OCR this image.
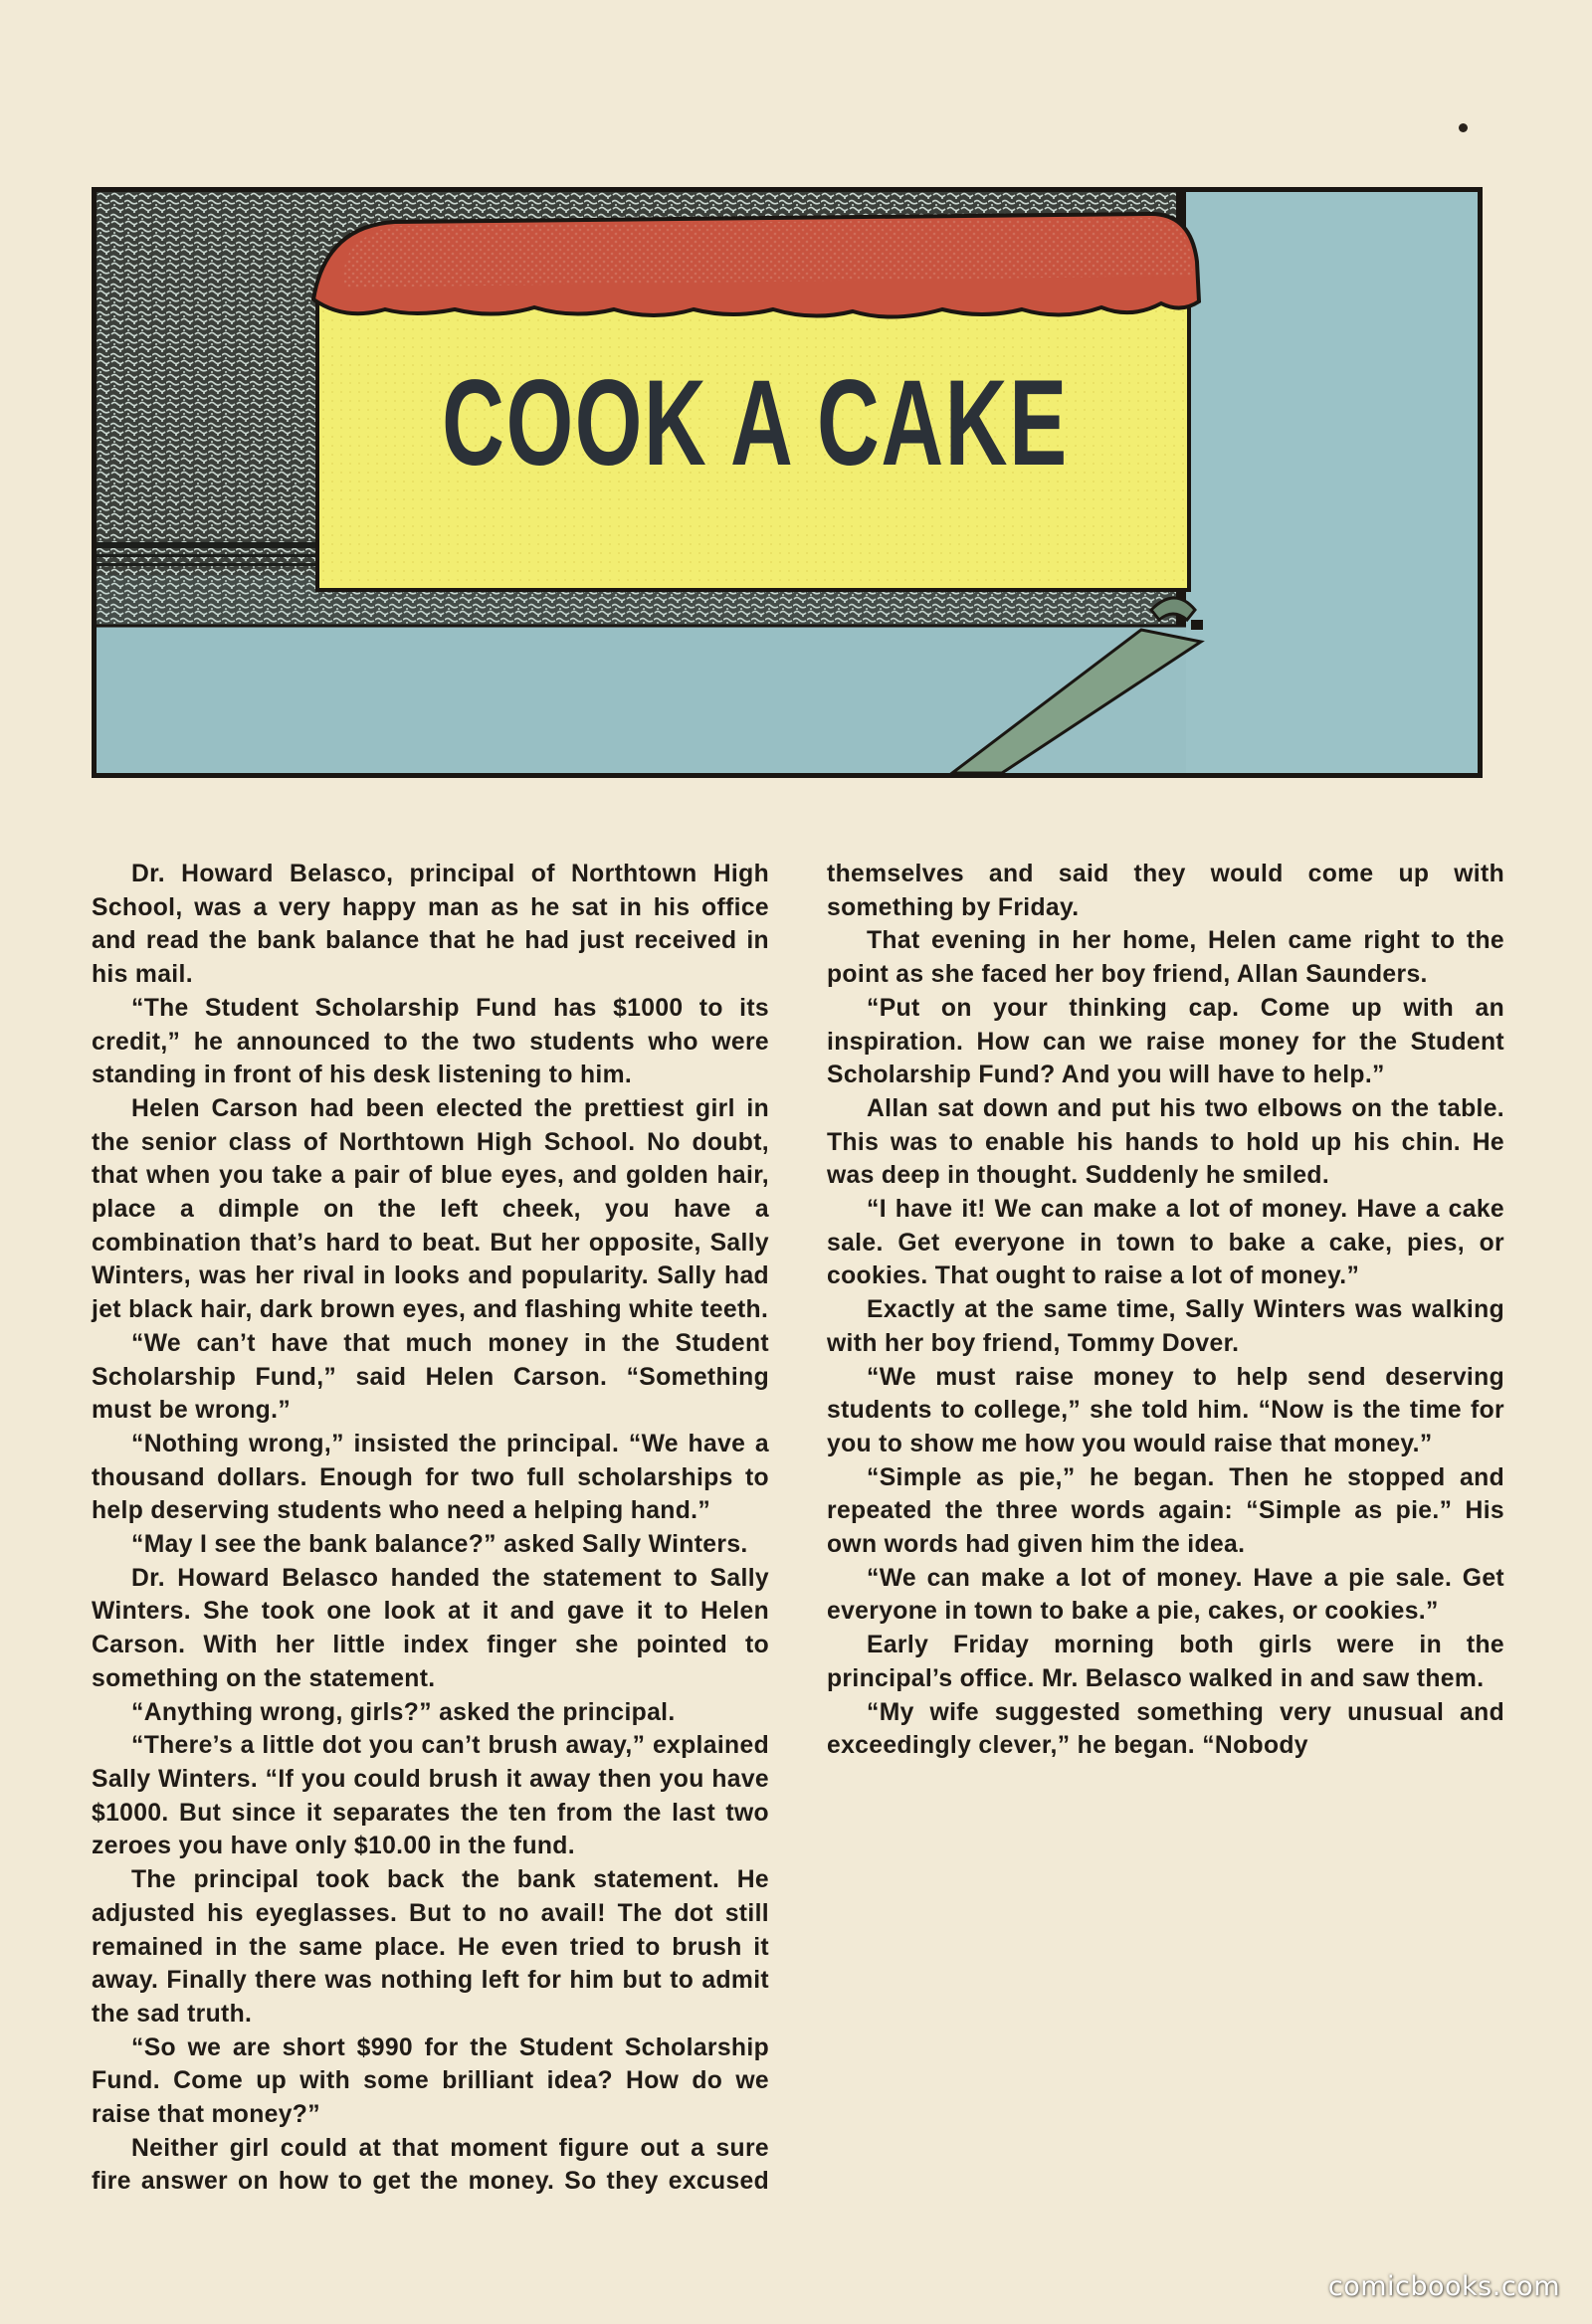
COOK A CAKE

Dr. Howard Belasco, principal of Northtown High School, was a very happy man as he sat in his office and read the bank balance that he had just received in his mail.

“The Student Scholarship Fund has $1000 to its credit,” he announced to the two students who were standing in front of his desk listening to him.

Helen Carson had been elected the prettiest girl in the senior class of Northtown High School. No doubt, that when you take a pair of blue eyes, and golden hair, place a dimple on the left cheek, you have a combination that’s hard to beat. But her opposite, Sally Winters, was her rival in looks and popularity. Sally had jet black hair, dark brown eyes, and flashing white teeth.

“We can’t have that much money in the Student Scholarship Fund,” said Helen Carson. “Something must be wrong.”

“Nothing wrong,” insisted the principal. “We have a thousand dollars. Enough for two full scholarships to help deserving students who need a helping hand.”

“May I see the bank balance?” asked Sally Winters.

Dr. Howard Belasco handed the statement to Sally Winters. She took one look at it and gave it to Helen Carson. With her little index finger she pointed to something on the statement.

“Anything wrong, girls?” asked the principal.

“There’s a little dot you can’t brush away,” explained Sally Winters. “If you could brush it away then you have $1000. But since it separates the ten from the last two zeroes you have only $10.00 in the fund.

The principal took back the bank statement. He adjusted his eyeglasses. But to no avail! The dot still remained in the same place. He even tried to brush it away. Finally there was nothing left for him but to admit the sad truth.

“So we are short $990 for the Student Scholarship Fund. Come up with some brilliant idea? How do we raise that money?”

Neither girl could at that moment figure out a sure fire answer on how to get the money. So they excused themselves and said they would come up with something by Friday.

That evening in her home, Helen came right to the point as she faced her boy friend, Allan Saunders.

“Put on your thinking cap. Come up with an inspiration. How can we raise money for the Student Scholarship Fund? And you will have to help.”

Allan sat down and put his two elbows on the table. This was to enable his hands to hold up his chin. He was deep in thought. Suddenly he smiled.

“I have it! We can make a lot of money. Have a cake sale. Get everyone in town to bake a cake, pies, or cookies. That ought to raise a lot of money.”

Exactly at the same time, Sally Winters was walking with her boy friend, Tommy Dover.

“We must raise money to help send deserving students to college,” she told him. “Now is the time for you to show me how you would raise that money.”

“Simple as pie,” he began. Then he stopped and repeated the three words again: “Simple as pie.” His own words had given him the idea.

“We can make a lot of money. Have a pie sale. Get everyone in town to bake a pie, cakes, or cookies.”

Early Friday morning both girls were in the principal’s office. Mr. Belasco walked in and saw them.

“My wife suggested something very unusual and exceedingly clever,” he began. “Nobody

comicbooks.com
